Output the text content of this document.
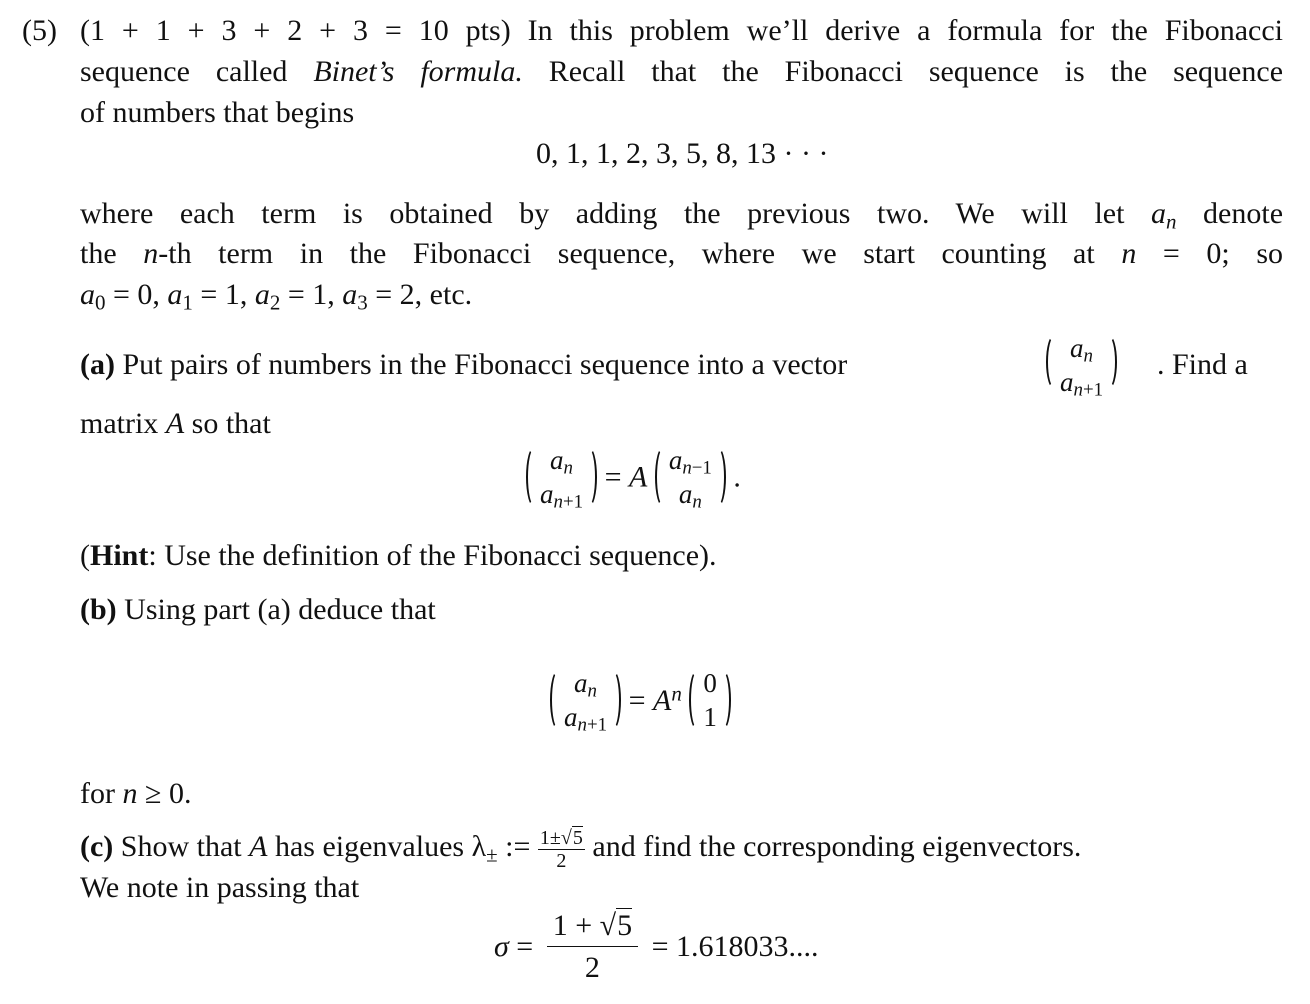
(5) (1 + 1 + 3 + 2 + 3 = 10 pts) In this problem we’ll derive a formula for the Fibonacci
sequence called Binet’s formula. Recall that the Fibonacci sequence is the sequence
of numbers that begins
0, 1, 1, 2, 3, 5, 8, 13 · · ·
where each term is obtained by adding the previous two. We will let $a_n$ denote
the n-th term in the Fibonacci sequence, where we start counting at n = 0; so
$a_0 = 0$, $a_1 = 1$, $a_2 = 1$, $a_3 = 2$, etc.
(a) Put pairs of numbers in the Fibonacci sequence into a vector	$a_n$
$a_{n+1}$
. Find a
matrix A so that
$a_n$
$a_{n+1}$
= A
$a_{n-1}$
$a_n$
.
(Hint: Use the definition of the Fibonacci sequence).
(b) Using part (a) deduce that
$a_n$
$a_{n+1}$
= $A^n$ 0
1
for n ≥ 0.
(c) Show that A has eigenvalues $\lambda_\pm$ := $\frac{1\pm√5}{2}$ and find the corresponding eigenvectors.
We note in passing that
$\sigma = \frac{1 + √5}{2} = 1.618033$....
